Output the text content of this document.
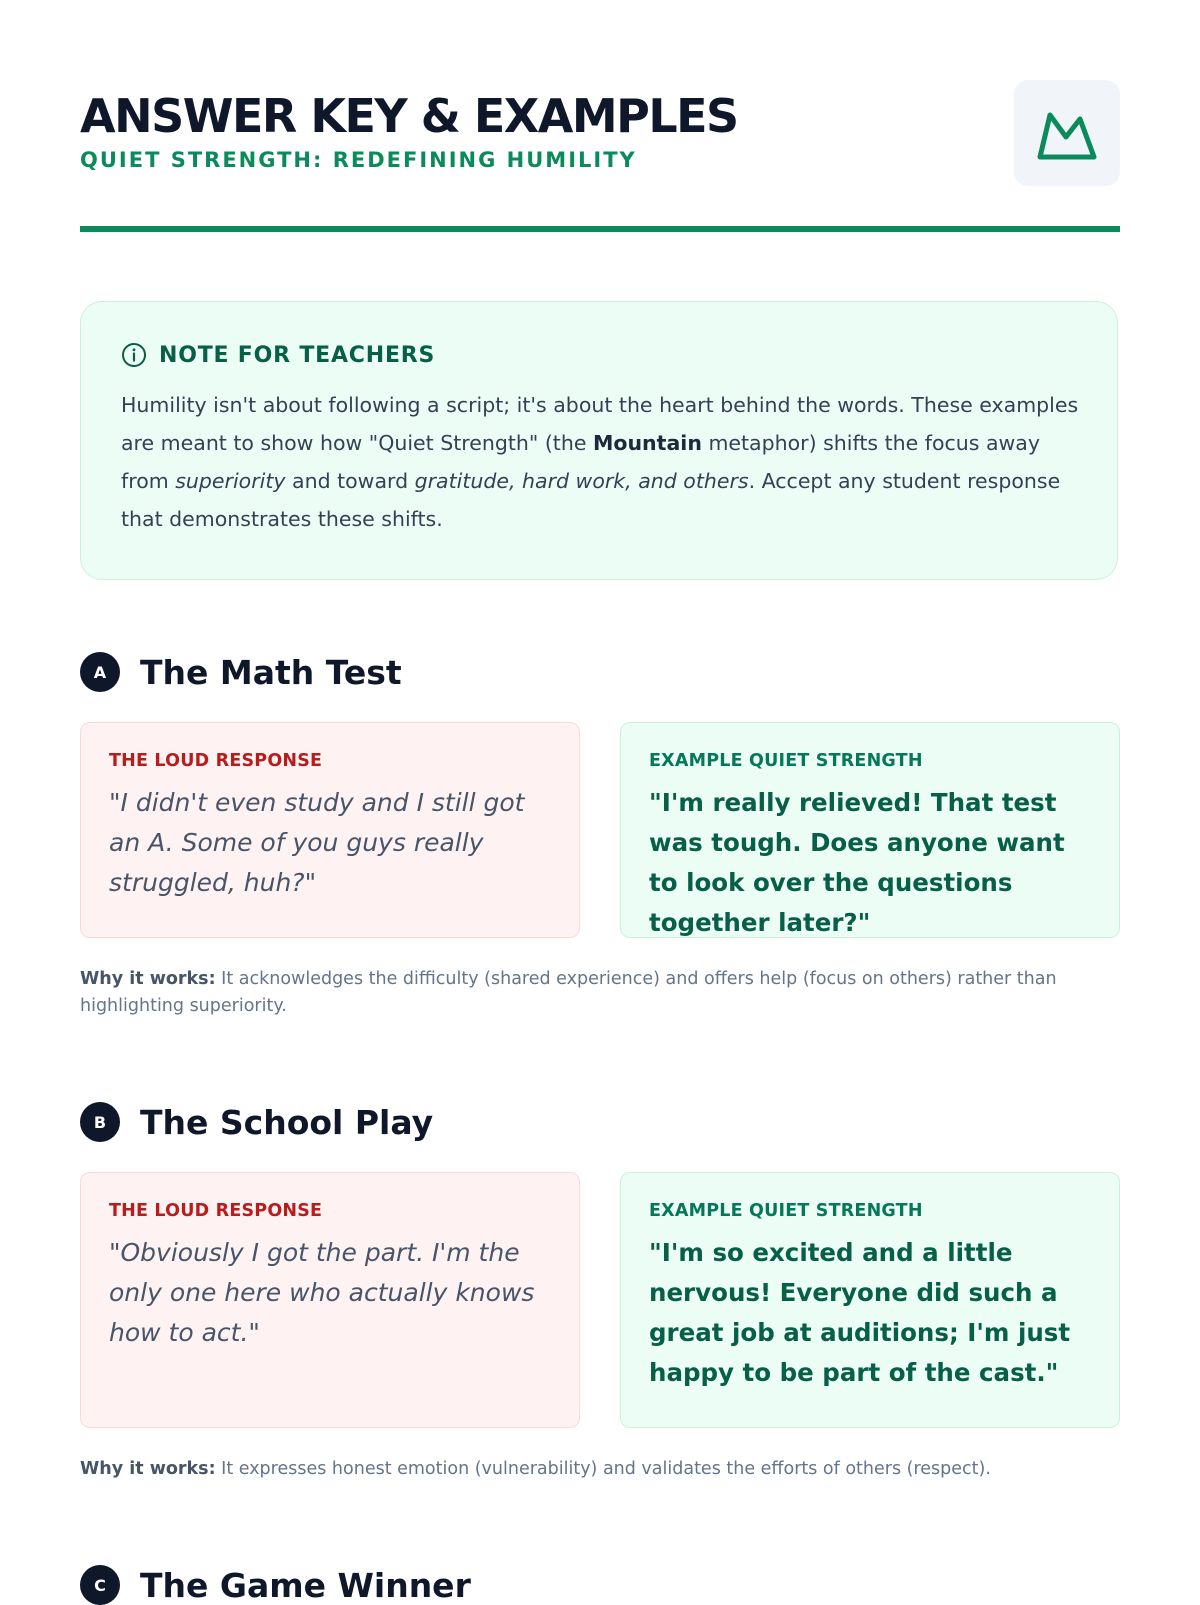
ANSWER KEY & EXAMPLES
QUIET STRENGTH: REDEFINING HUMILITY
NOTE FOR TEACHERS
Humility isn't about following a script; it's about the heart behind the words. These examples are meant to show how "Quiet Strength" (the Mountain metaphor) shifts the focus away from superiority and toward gratitude, hard work, and others. Accept any student response that demonstrates these shifts.
A	The Math Test
THE LOUD RESPONSE
"I didn't even study and I still got an A. Some of you guys really struggled, huh?"
EXAMPLE QUIET STRENGTH
"I'm really relieved! That test was tough. Does anyone want to look over the questions together later?"
Why it works: It acknowledges the difficulty (shared experience) and offers help (focus on others) rather than highlighting superiority.
B	The School Play
THE LOUD RESPONSE
"Obviously I got the part. I'm the only one here who actually knows how to act."
EXAMPLE QUIET STRENGTH
"I'm so excited and a little nervous! Everyone did such a great job at auditions; I'm just happy to be part of the cast."
Why it works: It expresses honest emotion (vulnerability) and validates the efforts of others (respect).
C	The Game Winner
